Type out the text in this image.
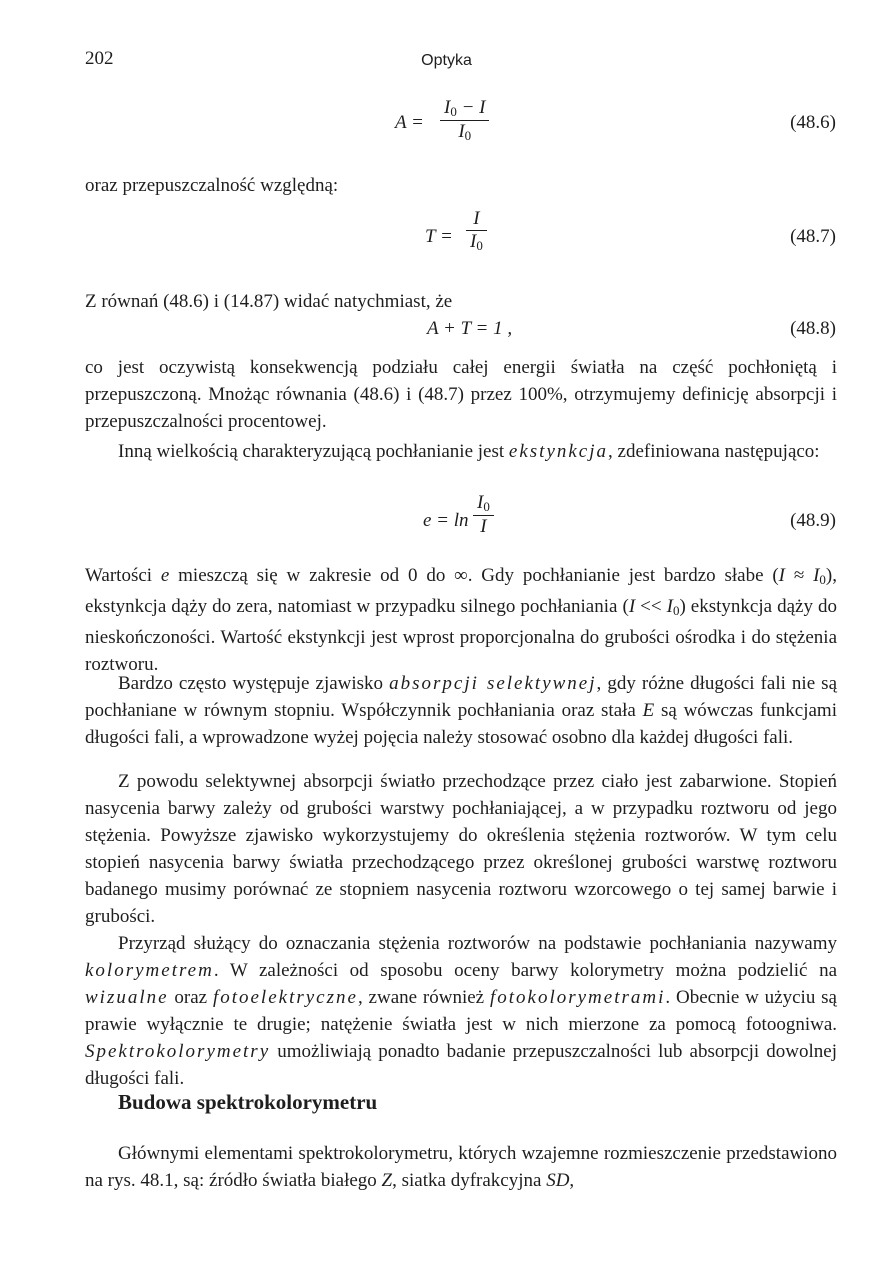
202	Optyka
A =
$I_0 - I$
$I_0$
(48.6)
oraz przepuszczalność względną:
T =
I
$I_0$	(48.7)
Z równań (48.6) i (14.87) widać natychmiast, że
A + T = 1 ,	(48.8)
co jest oczywistą konsekwencją podziału całej energii światła na część pochłoniętą i przepuszczoną. Mnożąc równania (48.6) i (48.7) przez 100%, otrzymujemy definicję absorpcji i przepuszczalności procentowej.
Inną wielkością charakteryzującą pochłanianie jest ekstynkcja, zdefiniowana następująco:
e = ln
$I_0$
I	(48.9)
Wartości e mieszczą się w zakresie od 0 do ∞. Gdy pochłanianie jest bardzo słabe $(I \approx I_0)$, ekstynkcja dąży do zera, natomiast w przypadku silnego pochłaniania $(I << I_0)$ ekstynkcja dąży do nieskończoności. Wartość ekstynkcji jest wprost proporcjonalna do grubości ośrodka i do stężenia roztworu.
Bardzo często występuje zjawisko absorpcji selektywnej, gdy różne długości fali nie są pochłaniane w równym stopniu. Współczynnik pochłaniania oraz stała E są wówczas funkcjami długości fali, a wprowadzone wyżej pojęcia należy stosować osobno dla każdej długości fali.
Z powodu selektywnej absorpcji światło przechodzące przez ciało jest zabarwione. Stopień nasycenia barwy zależy od grubości warstwy pochłaniającej, a w przypadku roztworu od jego stężenia. Powyższe zjawisko wykorzystujemy do określenia stężenia roztworów. W tym celu stopień nasycenia barwy światła przechodzącego przez określonej grubości warstwę roztworu badanego musimy porównać ze stopniem nasycenia roztworu wzorcowego o tej samej barwie i grubości.
Przyrząd służący do oznaczania stężenia roztworów na podstawie pochłaniania nazywamy kolorymetrem. W zależności od sposobu oceny barwy kolorymetry można podzielić na wizualne oraz fotoelektryczne, zwane również fotokolorymetrami. Obecnie w użyciu są prawie wyłącznie te drugie; natężenie światła jest w nich mierzone za pomocą fotoogniwa. Spektrokolorymetry umożliwiają ponadto badanie przepuszczalności lub absorpcji dowolnej długości fali.
Budowa spektrokolorymetru
Głównymi elementami spektrokolorymetru, których wzajemne rozmieszczenie przedstawiono na rys. 48.1, są: źródło światła białego Z, siatka dyfrakcyjna SD,
